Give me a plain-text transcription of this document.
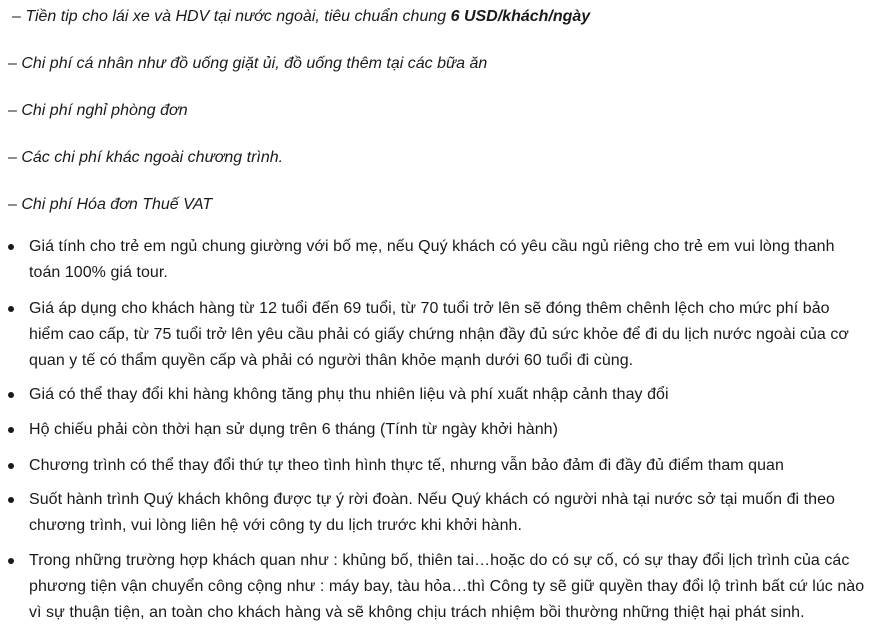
– Tiền tip cho lái xe và HDV tại nước ngoài, tiêu chuẩn chung 6 USD/khách/ngày
– Chi phí cá nhân như đồ uống giặt ủi, đồ uống thêm tại các bữa ăn
– Chi phí nghỉ phòng đơn
– Các chi phí khác ngoài chương trình.
– Chi phí Hóa đơn Thuế VAT
Giá tính cho trẻ em ngủ chung giường với bố mẹ, nếu Quý khách có yêu cầu ngủ riêng cho trẻ em vui lòng thanh
toán 100% giá tour.
Giá áp dụng cho khách hàng từ 12 tuổi đến 69 tuổi, từ 70 tuổi trở lên sẽ đóng thêm chênh lệch cho mức phí bảo
hiểm cao cấp, từ 75 tuổi trở lên yêu cầu phải có giấy chứng nhận đầy đủ sức khỏe để đi du lịch nước ngoài của cơ
quan y tế có thẩm quyền cấp và phải có người thân khỏe mạnh dưới 60 tuổi đi cùng.
Giá có thể thay đổi khi hàng không tăng phụ thu nhiên liệu và phí xuất nhập cảnh thay đổi
Hộ chiếu phải còn thời hạn sử dụng trên 6 tháng (Tính từ ngày khởi hành)
Chương trình có thể thay đổi thứ tự theo tình hình thực tế, nhưng vẫn bảo đảm đi đầy đủ điểm tham quan
Suốt hành trình Quý khách không được tự ý rời đoàn. Nếu Quý khách có người nhà tại nước sở tại muốn đi theo
chương trình, vui lòng liên hệ với công ty du lịch trước khi khởi hành.
Trong những trường hợp khách quan như : khủng bố, thiên tai…hoặc do có sự cố, có sự thay đổi lịch trình của các
phương tiện vận chuyển công cộng như : máy bay, tàu hỏa…thì Công ty sẽ giữ quyền thay đổi lộ trình bất cứ lúc nào
vì sự thuận tiện, an toàn cho khách hàng và sẽ không chịu trách nhiệm bồi thường những thiệt hại phát sinh.
